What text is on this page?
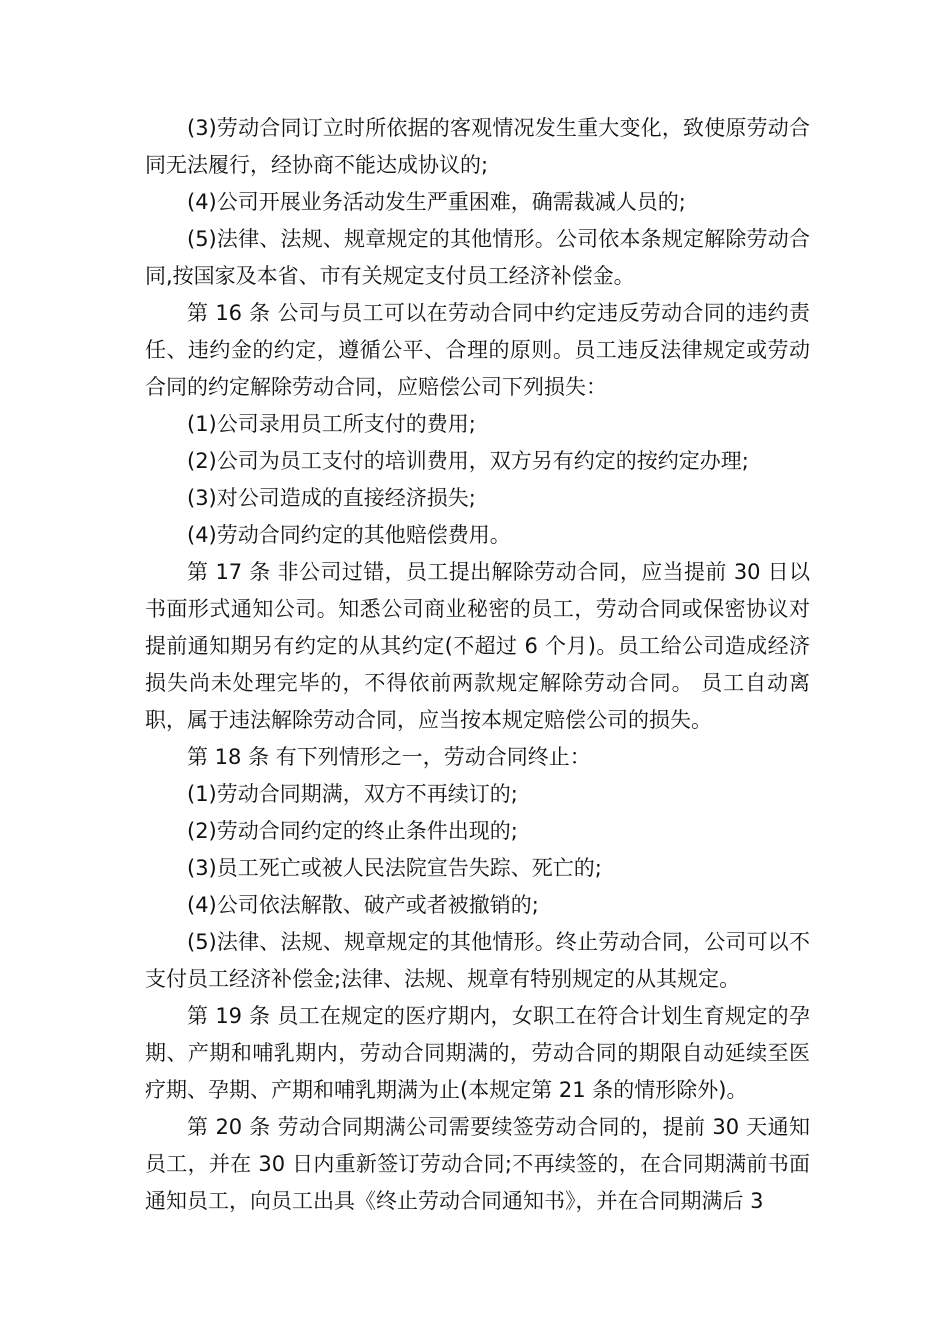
(3)劳动合同订立时所依据的客观情况发生重大变化，致使原劳动合同无法履行，经协商不能达成协议的;

(4)公司开展业务活动发生严重困难，确需裁减人员的;

(5)法律、法规、规章规定的其他情形。公司依本条规定解除劳动合同,按国家及本省、市有关规定支付员工经济补偿金。

第 16 条 公司与员工可以在劳动合同中约定违反劳动合同的违约责任、违约金的约定，遵循公平、合理的原则。员工违反法律规定或劳动合同的约定解除劳动合同，应赔偿公司下列损失：

(1)公司录用员工所支付的费用;

(2)公司为员工支付的培训费用，双方另有约定的按约定办理;

(3)对公司造成的直接经济损失;

(4)劳动合同约定的其他赔偿费用。

第 17 条 非公司过错，员工提出解除劳动合同，应当提前 30 日以书面形式通知公司。知悉公司商业秘密的员工，劳动合同或保密协议对提前通知期另有约定的从其约定(不超过 6 个月)。员工给公司造成经济损失尚未处理完毕的，不得依前两款规定解除劳动合同。 员工自动离职，属于违法解除劳动合同，应当按本规定赔偿公司的损失。

第 18 条 有下列情形之一，劳动合同终止：

(1)劳动合同期满，双方不再续订的;

(2)劳动合同约定的终止条件出现的;

(3)员工死亡或被人民法院宣告失踪、死亡的;

(4)公司依法解散、破产或者被撤销的;

(5)法律、法规、规章规定的其他情形。终止劳动合同，公司可以不支付员工经济补偿金;法律、法规、规章有特别规定的从其规定。

第 19 条 员工在规定的医疗期内，女职工在符合计划生育规定的孕期、产期和哺乳期内，劳动合同期满的，劳动合同的期限自动延续至医疗期、孕期、产期和哺乳期满为止(本规定第 21 条的情形除外)。

第 20 条 劳动合同期满公司需要续签劳动合同的，提前 30 天通知员工，并在 30 日内重新签订劳动合同;不再续签的，在合同期满前书面通知员工，向员工出具《终止劳动合同通知书》，并在合同期满后 3
